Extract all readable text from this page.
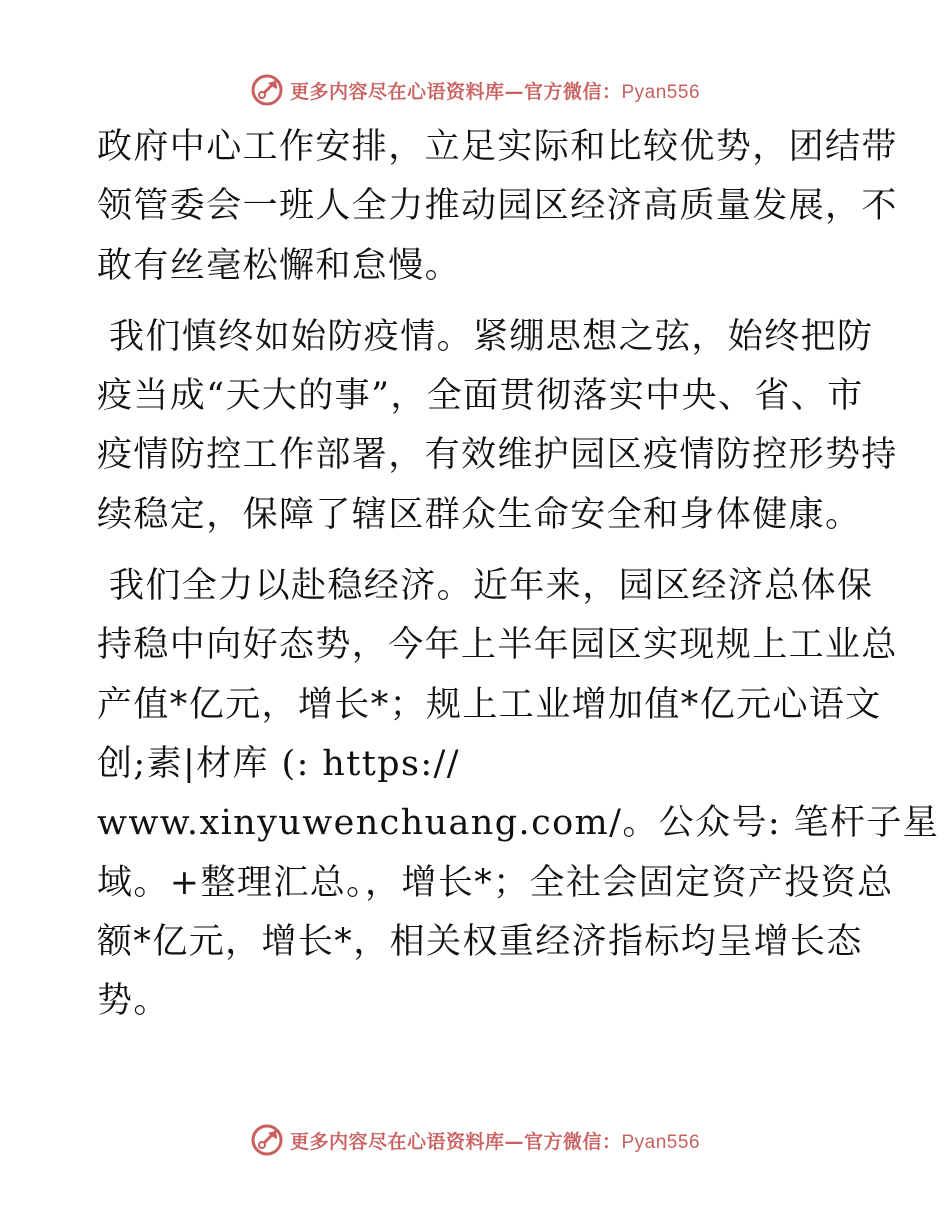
更多内容尽在心语资料库—官方微信：Pyan556
政府中心工作安排，立足实际和比较优势，团结带
领管委会一班人全力推动园区经济高质量发展，不
敢有丝毫松懈和怠慢。
我们慎终如始防疫情。紧绷思想之弦，始终把防
疫当成“天大的事”，全面贯彻落实中央、省、市
疫情防控工作部署，有效维护园区疫情防控形势持
续稳定，保障了辖区群众生命安全和身体健康。
我们全力以赴稳经济。近年来，园区经济总体保
持稳中向好态势，今年上半年园区实现规上工业总
产值*亿元，增长*；规上工业增加值*亿元心语文
创;素|材库 (: https://
www.xinyuwenchuang.com/。公众号: 笔杆子星
域。+整理汇总。，增长*；全社会固定资产投资总
额*亿元，增长*，相关权重经济指标均呈增长态
势。
更多内容尽在心语资料库—官方微信：Pyan556
